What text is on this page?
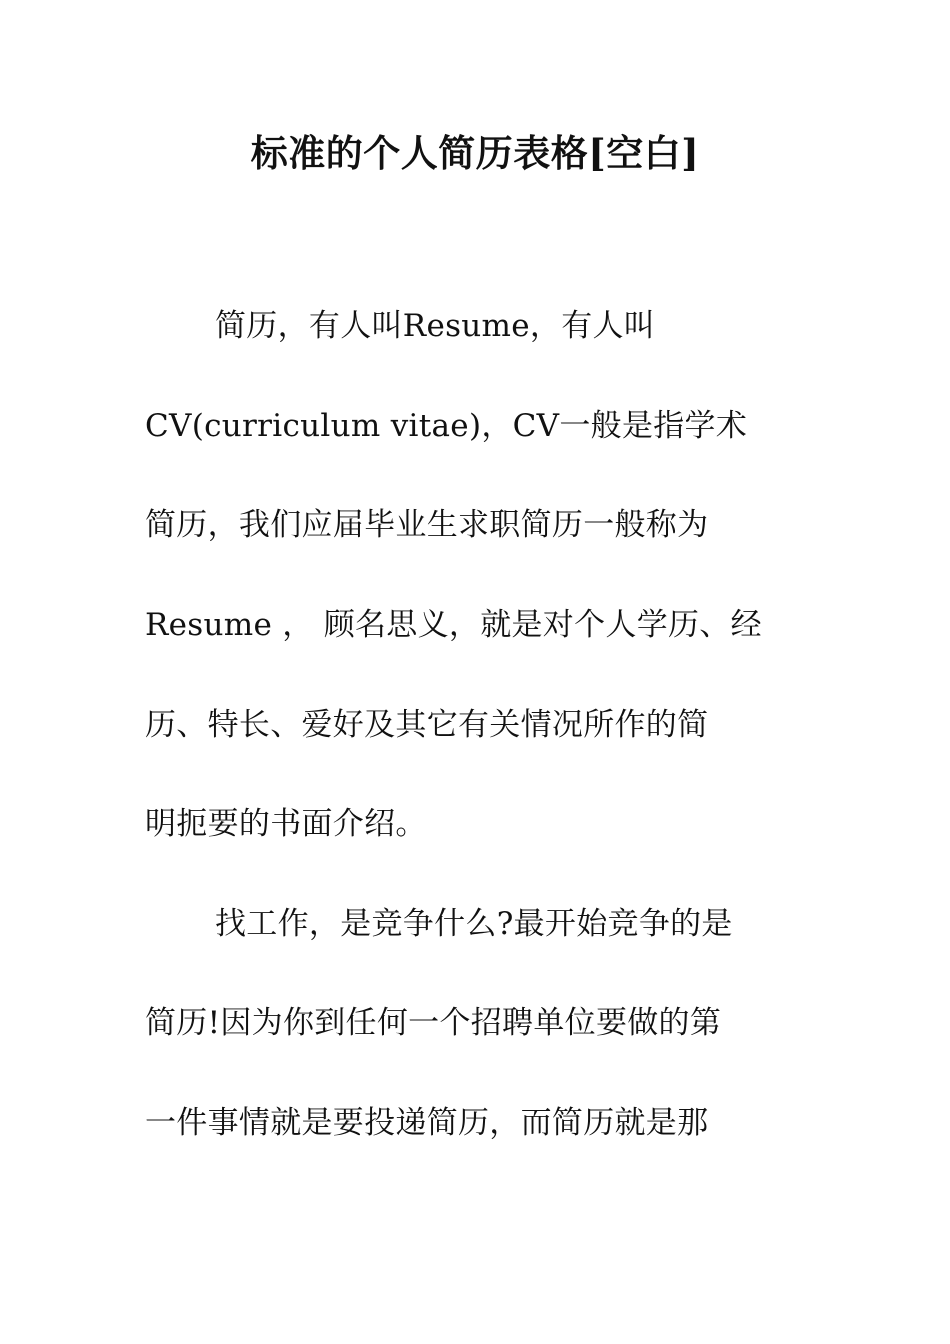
标准的个人简历表格[空白]
简历，有人叫Resume，有人叫
CV(curriculum vitae)，CV一般是指学术
简历，我们应届毕业生求职简历一般称为
Resume ， 顾名思义，就是对个人学历、经
历、特长、爱好及其它有关情况所作的简
明扼要的书面介绍。
找工作，是竞争什么?最开始竞争的是
简历!因为你到任何一个招聘单位要做的第
一件事情就是要投递简历，而简历就是那
